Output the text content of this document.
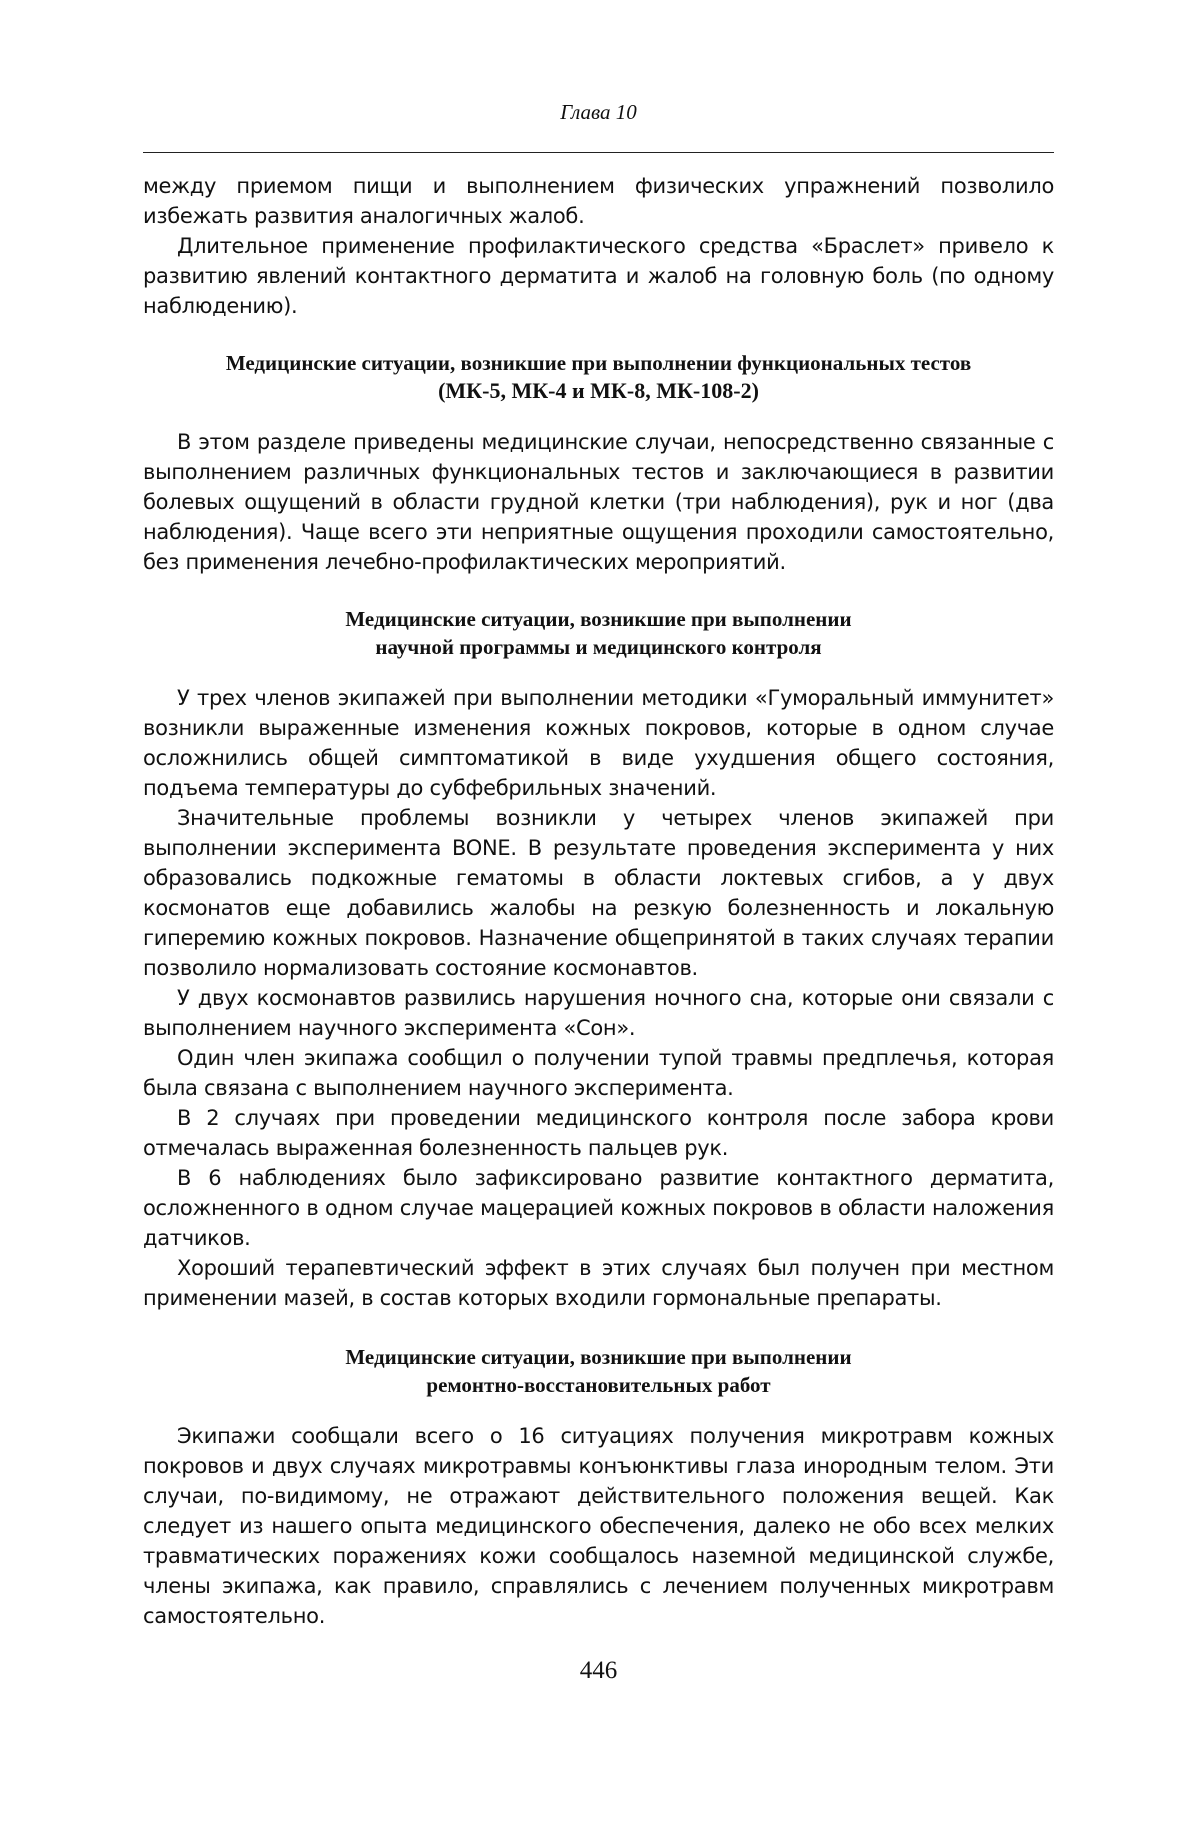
Глава 10

между приемом пищи и выполнением физических упражнений позволило избежать развития аналогичных жалоб.

Длительное применение профилактического средства «Браслет» привело к развитию явлений контактного дерматита и жалоб на головную боль (по одному наблюдению).

Медицинские ситуации, возникшие при выполнении функциональных тестов
(МК-5, МК-4 и МК-8, МК-108-2)

В этом разделе приведены медицинские случаи, непосредственно связанные с выполнением различных функциональных тестов и заключающиеся в развитии болевых ощущений в области грудной клетки (три наблюдения), рук и ног (два наблюдения). Чаще всего эти неприятные ощущения проходили самостоятельно, без применения лечебно-профилактических мероприятий.

Медицинские ситуации, возникшие при выполнении
научной программы и медицинского контроля

У трех членов экипажей при выполнении методики «Гуморальный иммунитет» возникли выраженные изменения кожных покровов, которые в одном случае осложнились общей симптоматикой в виде ухудшения общего состояния, подъема температуры до субфебрильных значений.

Значительные проблемы возникли у четырех членов экипажей при выполнении эксперимента BONE. В результате проведения эксперимента у них образовались подкожные гематомы в области локтевых сгибов, а у двух космонатов еще добавились жалобы на резкую болезненность и локальную гиперемию кожных покровов. Назначение общепринятой в таких случаях терапии позволило нормализовать состояние космонавтов.

У двух космонавтов развились нарушения ночного сна, которые они связали с выполнением научного эксперимента «Сон».

Один член экипажа сообщил о получении тупой травмы предплечья, которая была связана с выполнением научного эксперимента.

В 2 случаях при проведении медицинского контроля после забора крови отмечалась выраженная болезненность пальцев рук.

В 6 наблюдениях было зафиксировано развитие контактного дерматита, осложненного в одном случае мацерацией кожных покровов в области наложения датчиков.

Хороший терапевтический эффект в этих случаях был получен при местном применении мазей, в состав которых входили гормональные препараты.

Медицинские ситуации, возникшие при выполнении
ремонтно-восстановительных работ

Экипажи сообщали всего о 16 ситуациях получения микротравм кожных покровов и двух случаях микротравмы конъюнктивы глаза инородным телом. Эти случаи, по-видимому, не отражают действительного положения вещей. Как следует из нашего опыта медицинского обеспечения, далеко не обо всех мелких травматических поражениях кожи сообщалось наземной медицинской службе, члены экипажа, как правило, справлялись с лечением полученных микротравм самостоятельно.

446
